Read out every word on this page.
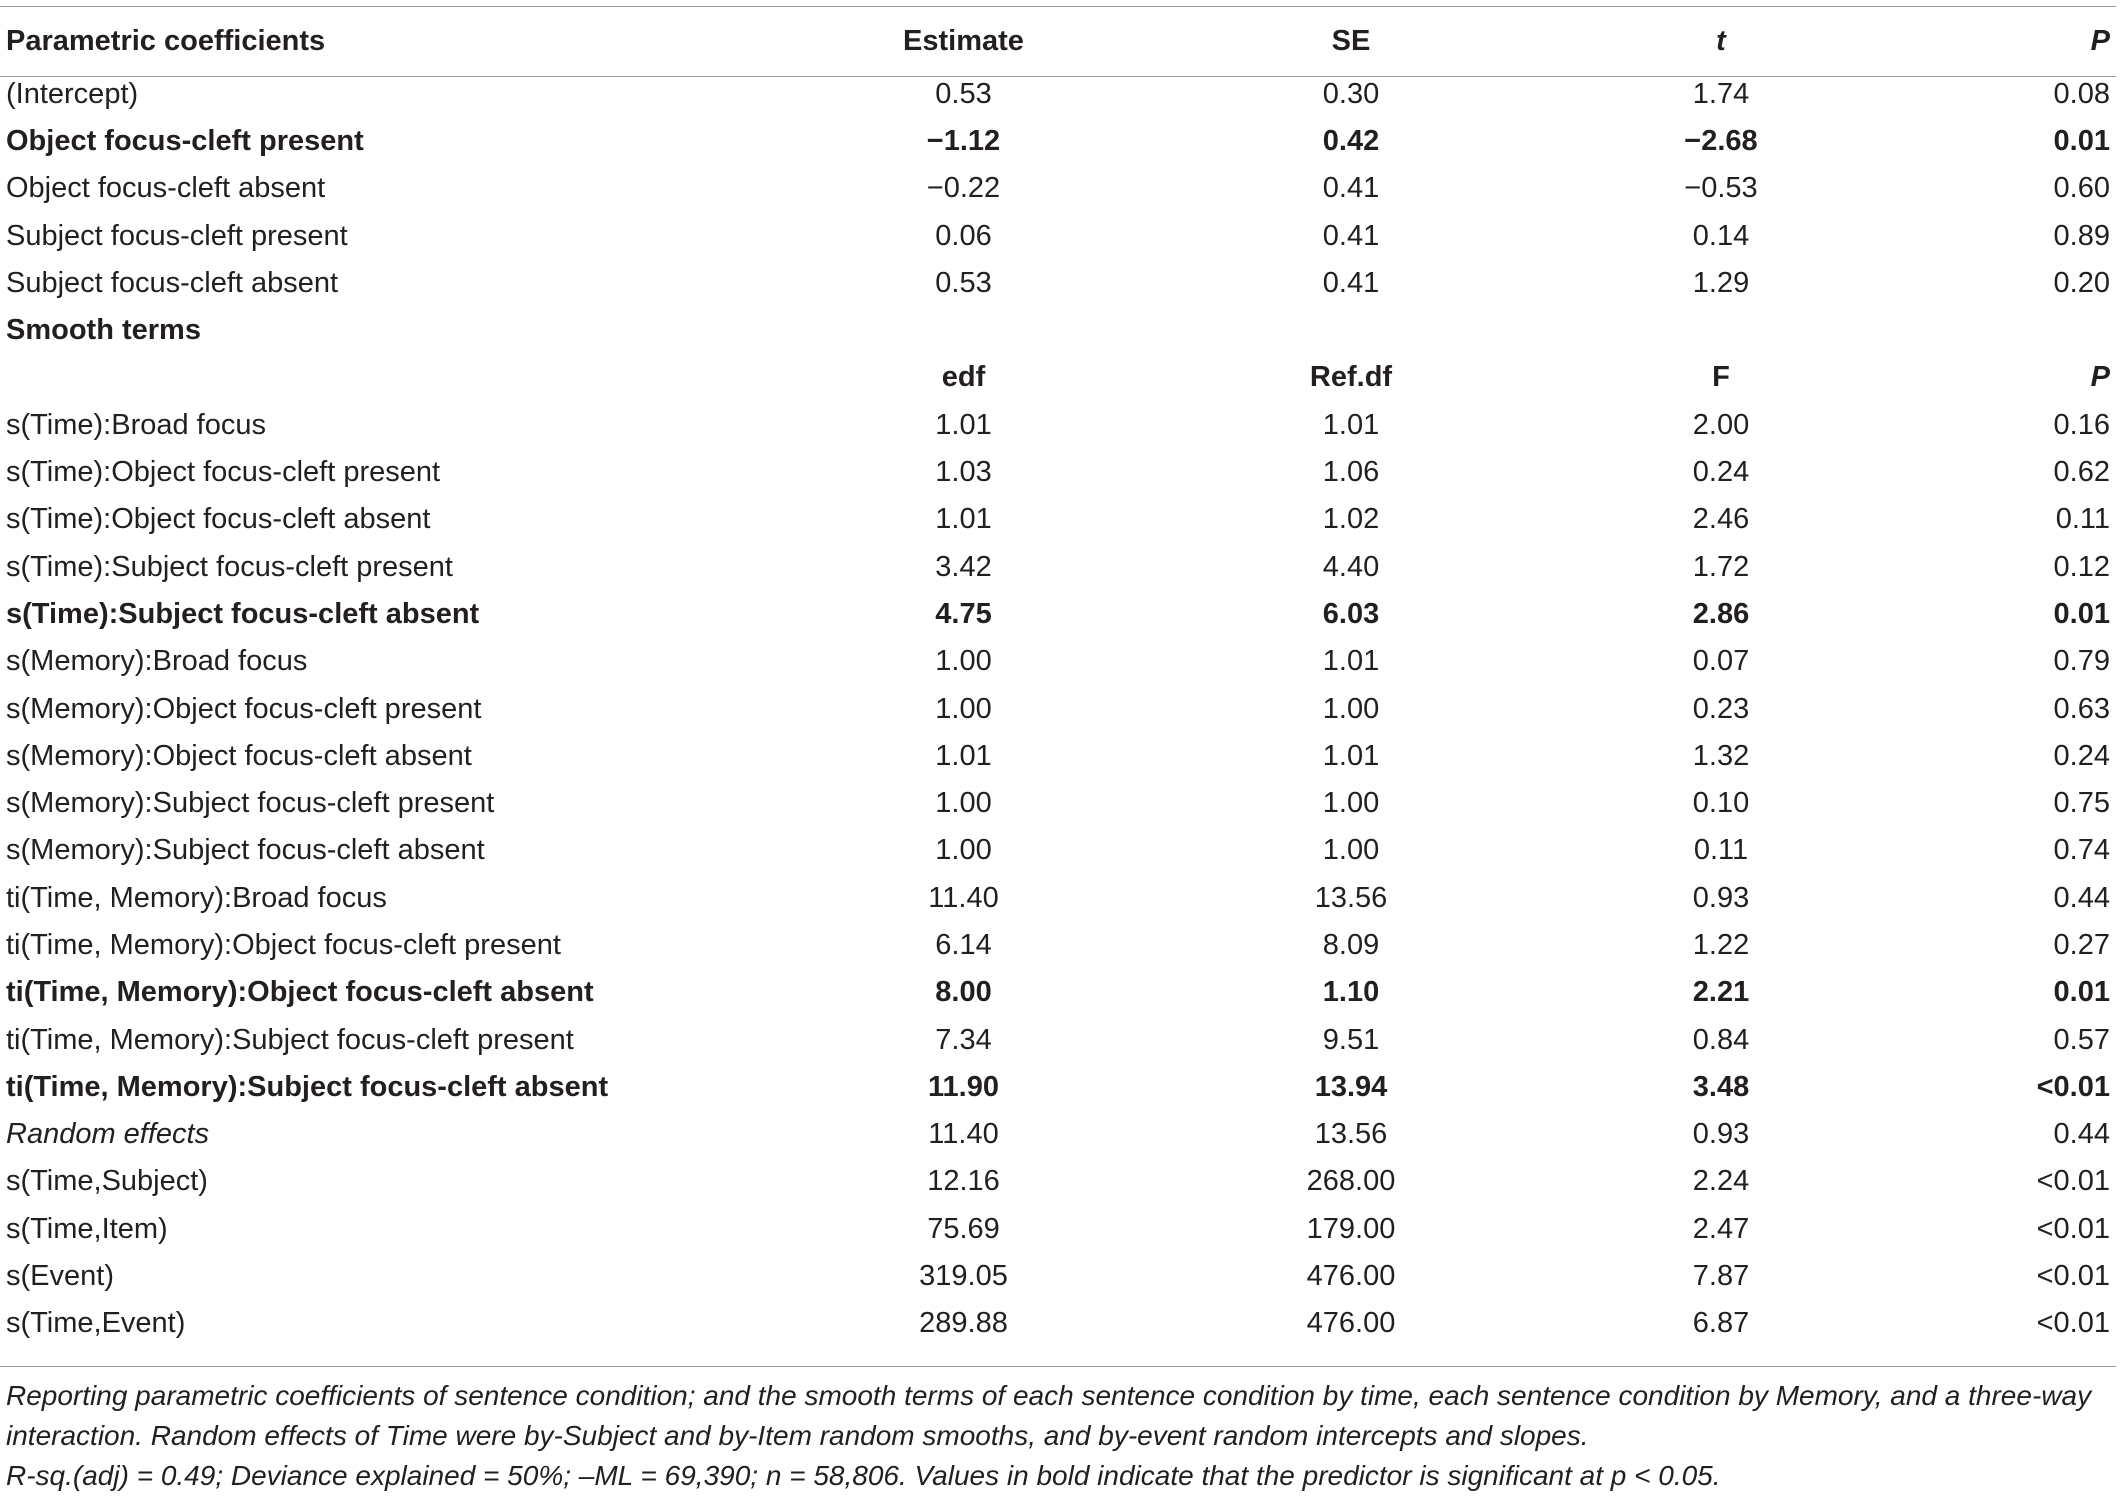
Parametric coefficients	Estimate	SE	t	P
(Intercept)	0.53	0.30	1.74	0.08
Object focus-cleft present	−1.12	0.42	−2.68	0.01
Object focus-cleft absent	−0.22	0.41	−0.53	0.60
Subject focus-cleft present	0.06	0.41	0.14	0.89
Subject focus-cleft absent	0.53	0.41	1.29	0.20
Smooth terms				
	edf	Ref.df	F	P
s(Time):Broad focus	1.01	1.01	2.00	0.16
s(Time):Object focus-cleft present	1.03	1.06	0.24	0.62
s(Time):Object focus-cleft absent	1.01	1.02	2.46	0.11
s(Time):Subject focus-cleft present	3.42	4.40	1.72	0.12
s(Time):Subject focus-cleft absent	4.75	6.03	2.86	0.01
s(Memory):Broad focus	1.00	1.01	0.07	0.79
s(Memory):Object focus-cleft present	1.00	1.00	0.23	0.63
s(Memory):Object focus-cleft absent	1.01	1.01	1.32	0.24
s(Memory):Subject focus-cleft present	1.00	1.00	0.10	0.75
s(Memory):Subject focus-cleft absent	1.00	1.00	0.11	0.74
ti(Time, Memory):Broad focus	11.40	13.56	0.93	0.44
ti(Time, Memory):Object focus-cleft present	6.14	8.09	1.22	0.27
ti(Time, Memory):Object focus-cleft absent	8.00	1.10	2.21	0.01
ti(Time, Memory):Subject focus-cleft present	7.34	9.51	0.84	0.57
ti(Time, Memory):Subject focus-cleft absent	11.90	13.94	3.48	<0.01
Random effects	11.40	13.56	0.93	0.44
s(Time,Subject)	12.16	268.00	2.24	<0.01
s(Time,Item)	75.69	179.00	2.47	<0.01
s(Event)	319.05	476.00	7.87	<0.01
s(Time,Event)	289.88	476.00	6.87	<0.01

Reporting parametric coefficients of sentence condition; and the smooth terms of each sentence condition by time, each sentence condition by Memory, and a three-way interaction. Random effects of Time were by-Subject and by-Item random smooths, and by-event random intercepts and slopes.

R-sq.(adj) = 0.49; Deviance explained = 50%; –ML = 69,390; n = 58,806. Values in bold indicate that the predictor is significant at p < 0.05.
